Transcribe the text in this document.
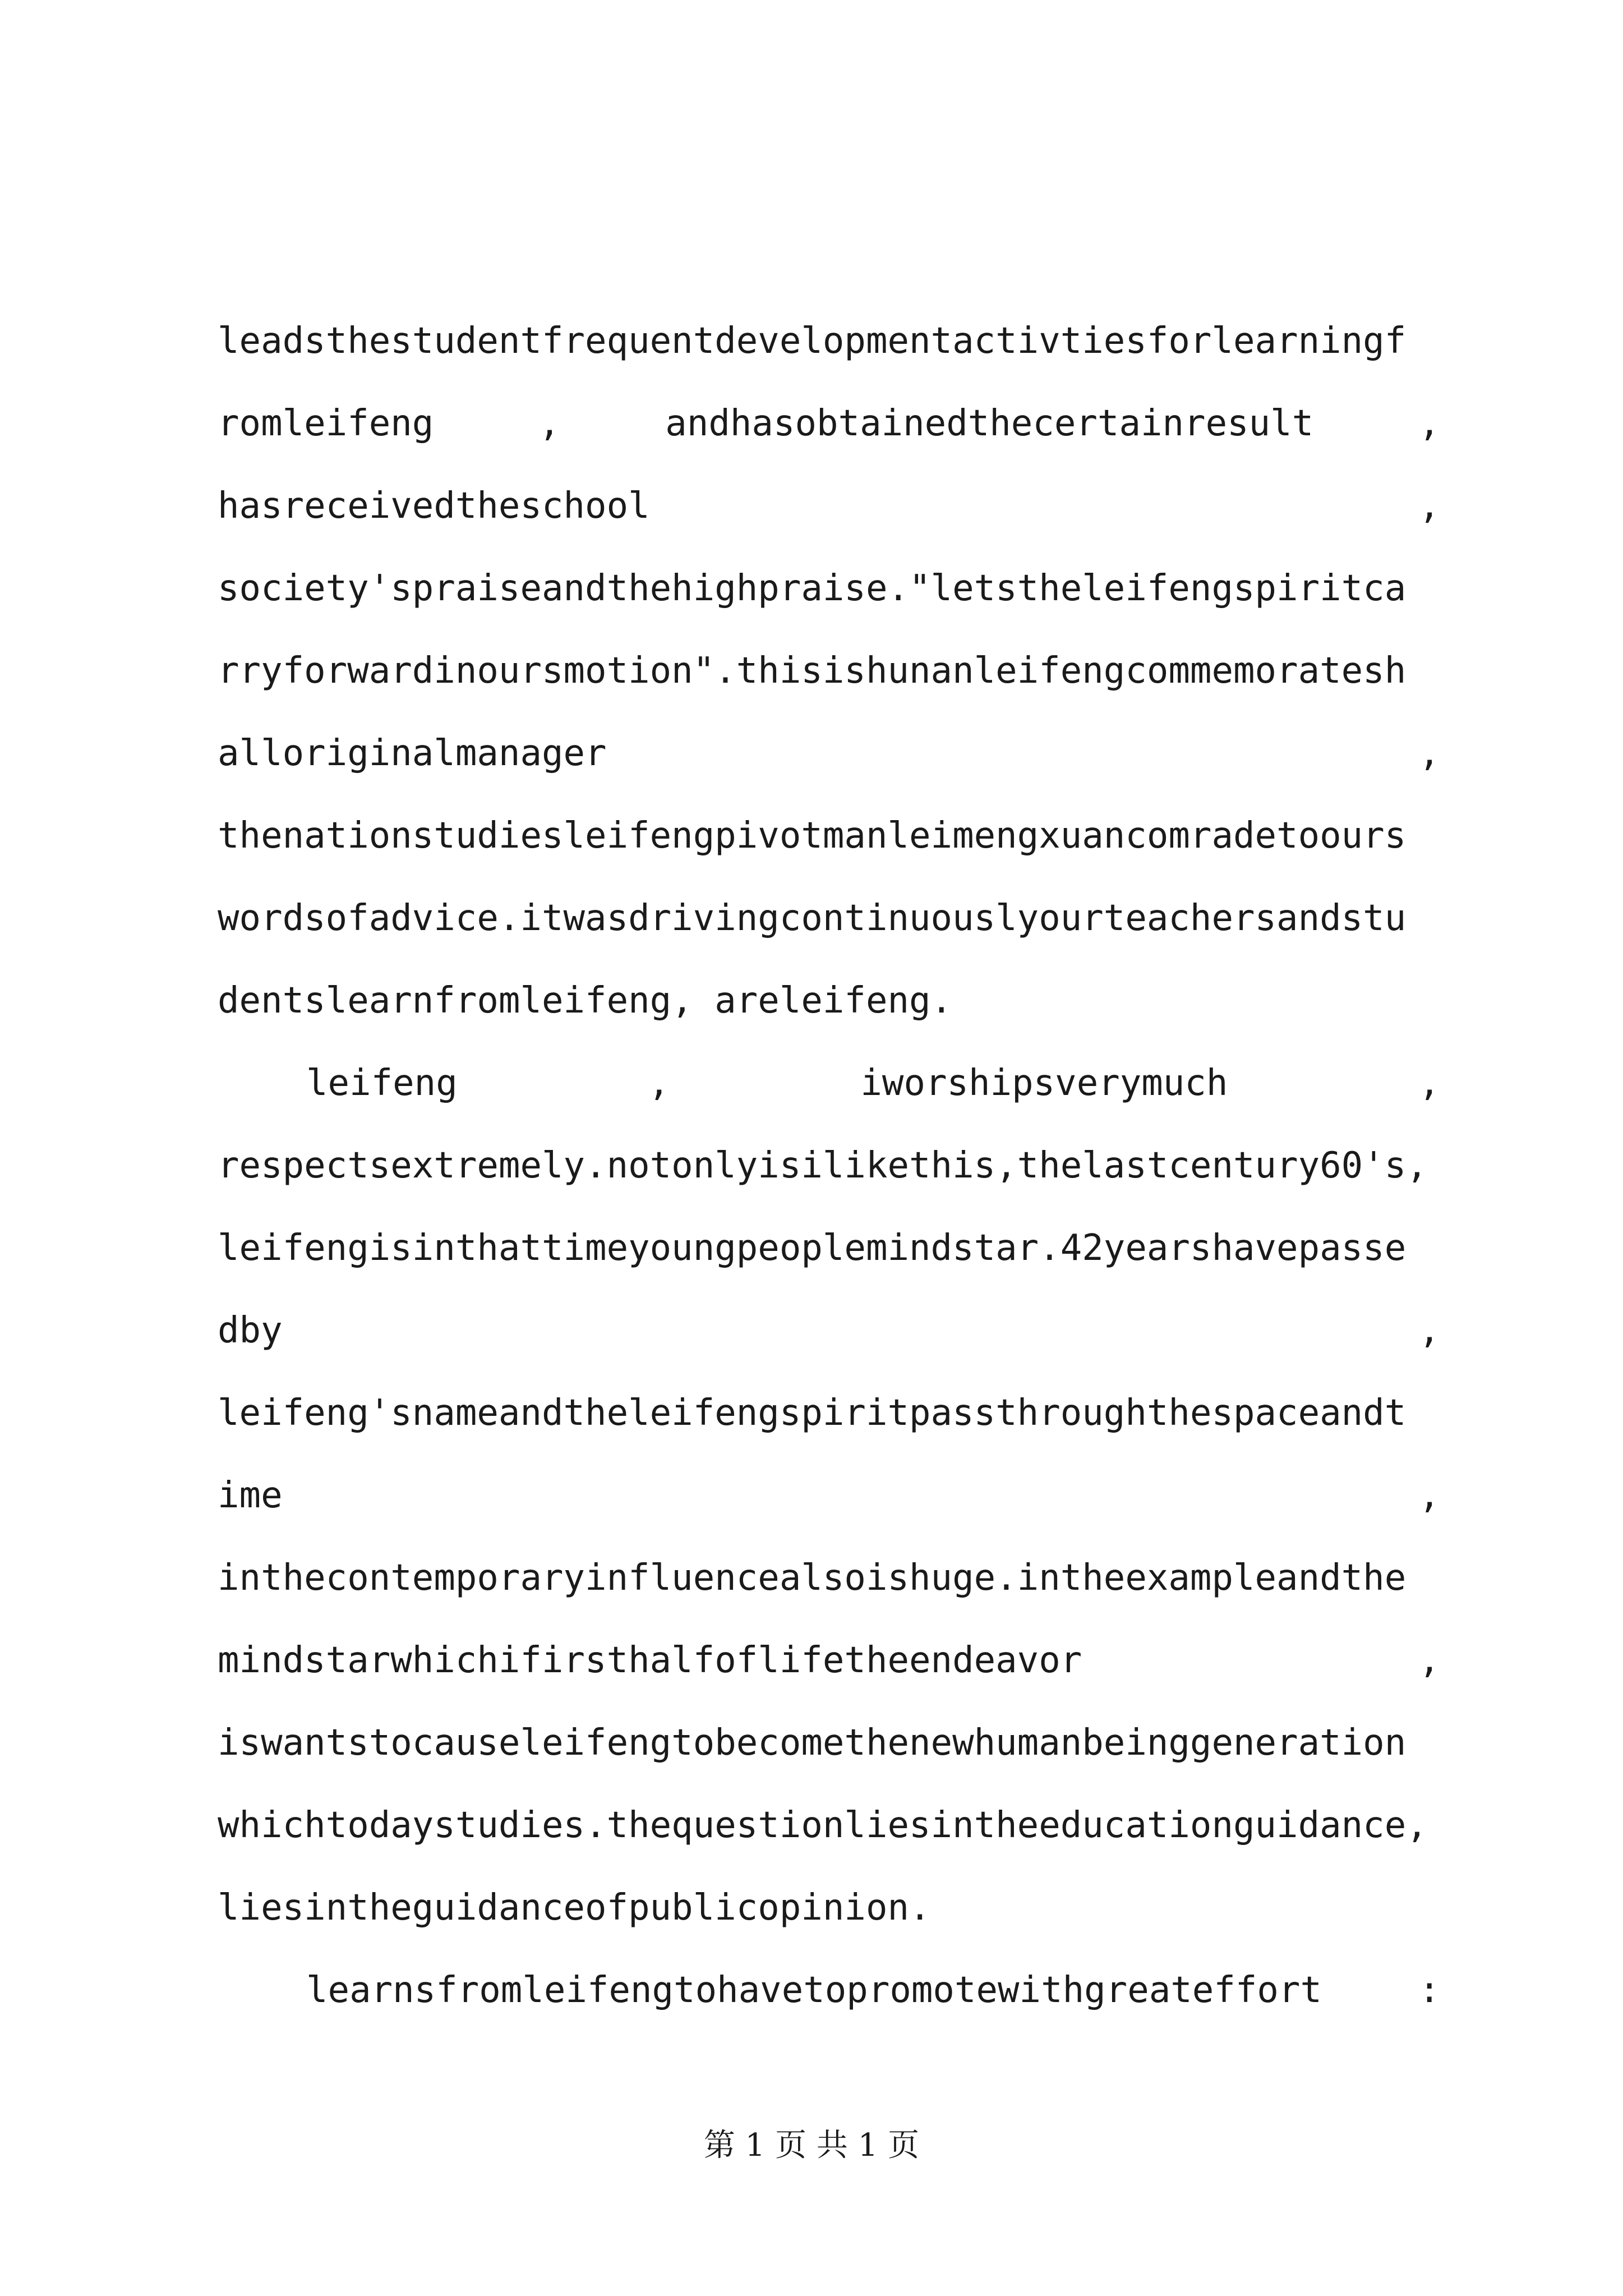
leadsthestudentfrequentdevelopmentactivtiesforlearningf
romleifeng	,	andhasobtainedthecertainresult	,
hasreceivedtheschool	,
society'spraiseandthehighpraise."letstheleifengspiritca
rryforwardinoursmotion".thisishunanleifengcommemoratesh
alloriginalmanager	,
thenationstudiesleifengpivotmanleimengxuancomradetoours
wordsofadvice.itwasdrivingcontinuouslyourteachersandstu
dentslearnfromleifeng, areleifeng.
leifeng	,	iworshipsverymuch	,
respectsextremely.notonlyisilikethis,thelastcentury60's,
leifengisinthattimeyoungpeoplemindstar.42yearshavepasse
dby	,
leifeng'snameandtheleifengspiritpassthroughthespaceandt
ime	,
inthecontemporaryinfluencealsoishuge.intheexampleandthe
mindstarwhichifirsthalfoflifetheendeavor	,
iswantstocauseleifengtobecomethenewhumanbeinggeneration
whichtodaystudies.thequestionliesintheeducationguidance,
liesintheguidanceofpublicopinion.
learnsfromleifengtohavetopromotewithgreateffort	:
第 1 页 共 1 页
